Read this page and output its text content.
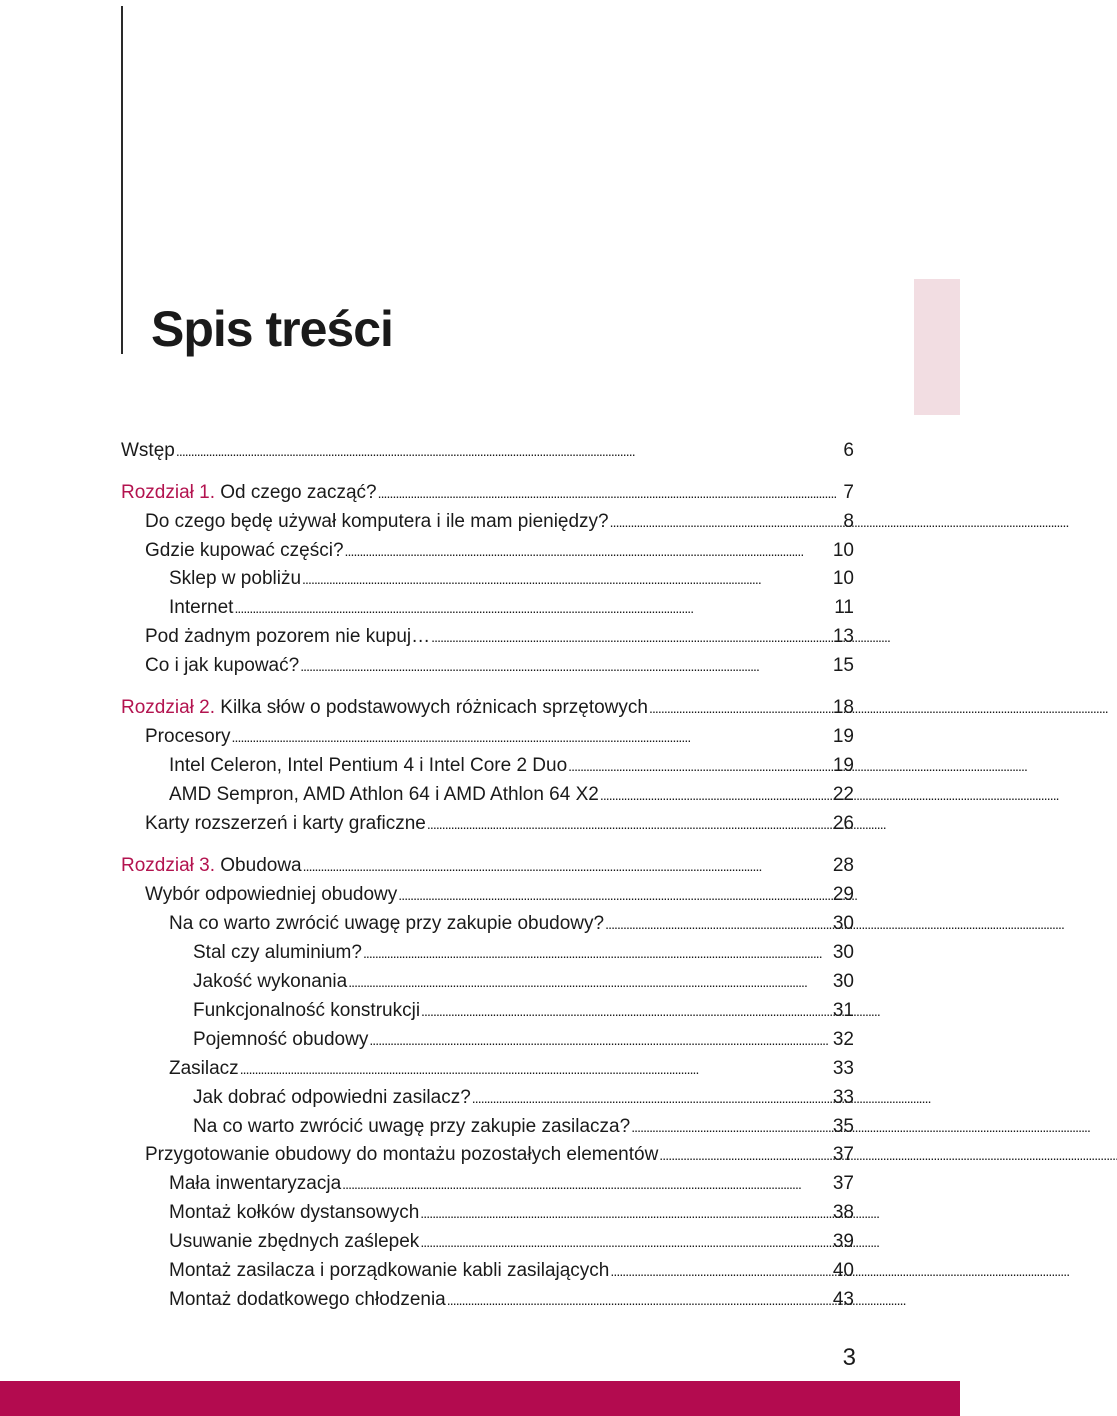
Spis treści
Wstęp . . .	6
Rozdział 1. Od czego zacząć? . . .	7
Do czego będę używał komputera i ile mam pieniędzy? . . .	8
Gdzie kupować części? . . .	10
Sklep w pobliżu . . .	10
Internet . . .	11
Pod żadnym pozorem nie kupuj… . . .	13
Co i jak kupować? . . .	15
Rozdział 2. Kilka słów o podstawowych różnicach sprzętowych . . .	18
Procesory . . .	19
Intel Celeron, Intel Pentium 4 i Intel Core 2 Duo . . .	19
AMD Sempron, AMD Athlon 64 i AMD Athlon 64 X2 . . .	22
Karty rozszerzeń i karty graficzne . . .	26
Rozdział 3. Obudowa . . .	28
Wybór odpowiedniej obudowy . . .	29
Na co warto zwrócić uwagę przy zakupie obudowy? . . .	30
Stal czy aluminium? . . .	30
Jakość wykonania . . .	30
Funkcjonalność konstrukcji . . .	31
Pojemność obudowy . . .	32
Zasilacz . . .	33
Jak dobrać odpowiedni zasilacz? . . .	33
Na co warto zwrócić uwagę przy zakupie zasilacza? . . .	35
Przygotowanie obudowy do montażu pozostałych elementów . . .	37
Mała inwentaryzacja . . .	37
Montaż kołków dystansowych . . .	38
Usuwanie zbędnych zaślepek . . .	39
Montaż zasilacza i porządkowanie kabli zasilających . . .	40
Montaż dodatkowego chłodzenia . . .	43
3
